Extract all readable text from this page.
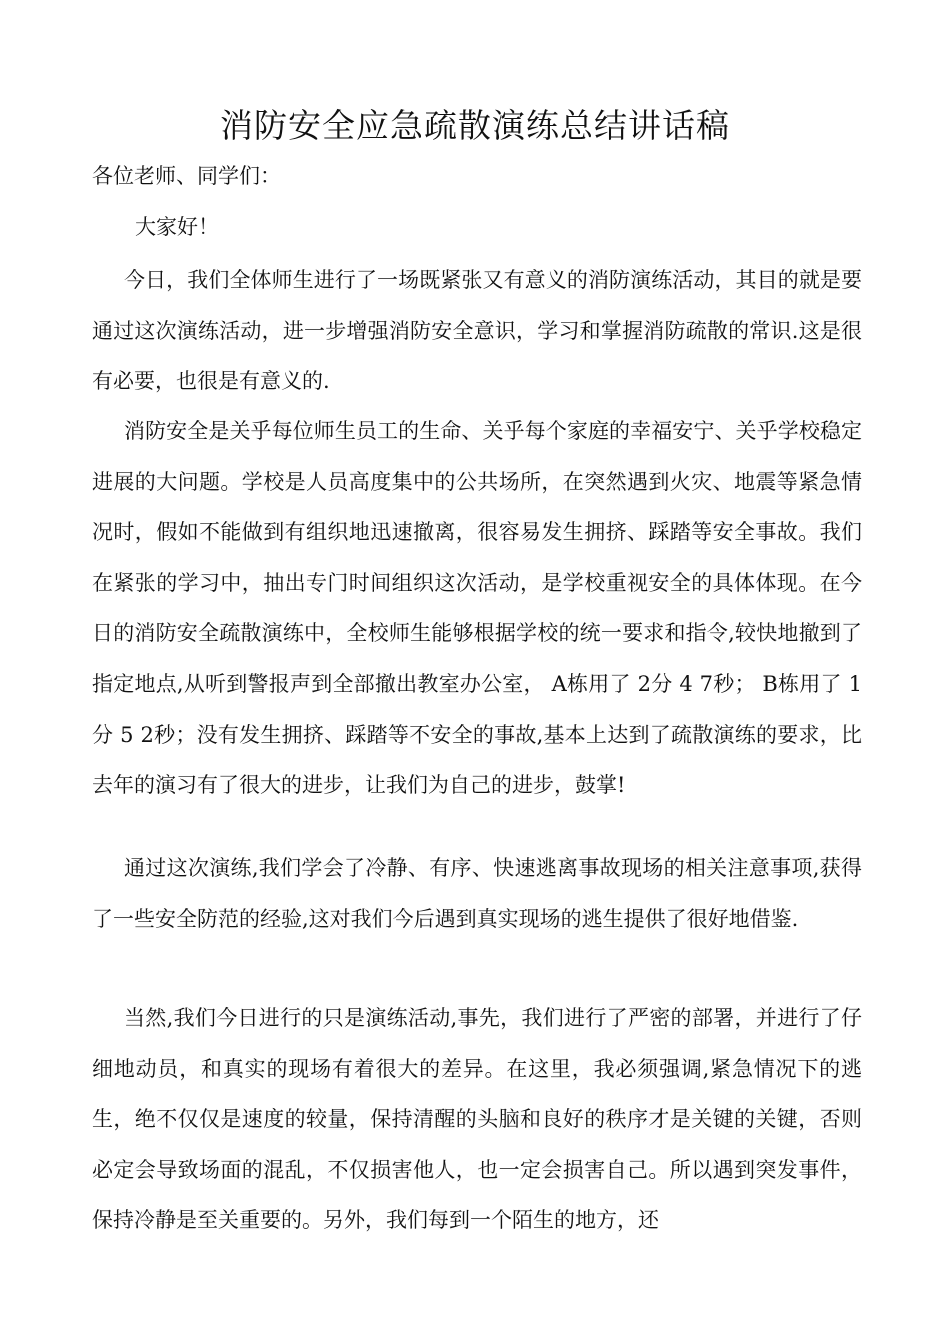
消防安全应急疏散演练总结讲话稿

各位老师、同学们：

大家好！

今日，我们全体师生进行了一场既紧张又有意义的消防演练活动，其目的就是要通过这次演练活动，进一步增强消防安全意识，学习和掌握消防疏散的常识.这是很有必要，也很是有意义的.

消防安全是关乎每位师生员工的生命、关乎每个家庭的幸福安宁、关乎学校稳定进展的大问题。学校是人员高度集中的公共场所，在突然遇到火灾、地震等紧急情况时，假如不能做到有组织地迅速撤离，很容易发生拥挤、踩踏等安全事故。我们在紧张的学习中，抽出专门时间组织这次活动，是学校重视安全的具体体现。在今日的消防安全疏散演练中，全校师生能够根据学校的统一要求和指令,较快地撤到了指定地点,从听到警报声到全部撤出教室办公室， A栋用了 2分 4 7秒； B栋用了 1分 5 2秒；没有发生拥挤、踩踏等不安全的事故,基本上达到了疏散演练的要求，比去年的演习有了很大的进步，让我们为自己的进步，鼓掌!

通过这次演练,我们学会了冷静、有序、快速逃离事故现场的相关注意事项,获得了一些安全防范的经验,这对我们今后遇到真实现场的逃生提供了很好地借鉴.

当然,我们今日进行的只是演练活动,事先，我们进行了严密的部署，并进行了仔细地动员，和真实的现场有着很大的差异。在这里，我必须强调,紧急情况下的逃生，绝不仅仅是速度的较量，保持清醒的头脑和良好的秩序才是关键的关键，否则必定会导致场面的混乱，不仅损害他人，也一定会损害自己。所以遇到突发事件，保持冷静是至关重要的。另外，我们每到一个陌生的地方，还
